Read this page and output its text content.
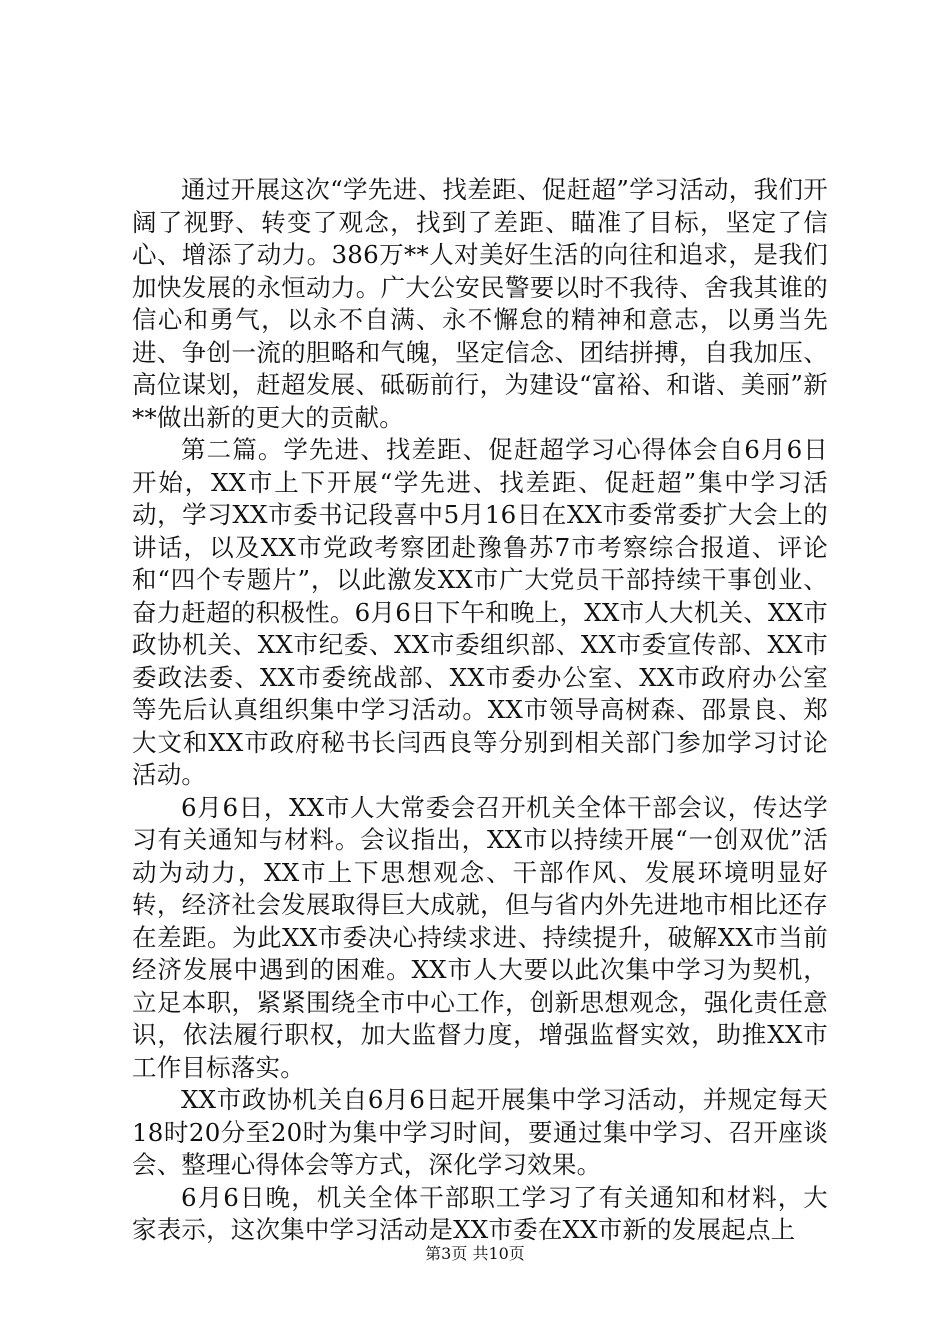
通过开展这次“学先进、找差距、促赶超”学习活动，我们开阔了视野、转变了观念，找到了差距、瞄准了目标，坚定了信心、增添了动力。386万**人对美好生活的向往和追求，是我们加快发展的永恒动力。广大公安民警要以时不我待、舍我其谁的信心和勇气，以永不自满、永不懈怠的精神和意志，以勇当先进、争创一流的胆略和气魄，坚定信念、团结拼搏，自我加压、高位谋划，赶超发展、砥砺前行，为建设“富裕、和谐、美丽”新**做出新的更大的贡献。

第二篇。学先进、找差距、促赶超学习心得体会自6月6日开始，XX市上下开展“学先进、找差距、促赶超”集中学习活动，学习XX市委书记段喜中5月16日在XX市委常委扩大会上的讲话，以及XX市党政考察团赴豫鲁苏7市考察综合报道、评论和“四个专题片”，以此激发XX市广大党员干部持续干事创业、奋力赶超的积极性。6月6日下午和晚上，XX市人大机关、XX市政协机关、XX市纪委、XX市委组织部、XX市委宣传部、XX市委政法委、XX市委统战部、XX市委办公室、XX市政府办公室等先后认真组织集中学习活动。XX市领导高树森、邵景良、郑大文和XX市政府秘书长闫西良等分别到相关部门参加学习讨论活动。

6月6日，XX市人大常委会召开机关全体干部会议，传达学习有关通知与材料。会议指出，XX市以持续开展“一创双优”活动为动力，XX市上下思想观念、干部作风、发展环境明显好转，经济社会发展取得巨大成就，但与省内外先进地市相比还存在差距。为此XX市委决心持续求进、持续提升，破解XX市当前经济发展中遇到的困难。XX市人大要以此次集中学习为契机，立足本职，紧紧围绕全市中心工作，创新思想观念，强化责任意识，依法履行职权，加大监督力度，增强监督实效，助推XX市工作目标落实。

XX市政协机关自6月6日起开展集中学习活动，并规定每天18时20分至20时为集中学习时间，要通过集中学习、召开座谈会、整理心得体会等方式，深化学习效果。

6月6日晚，机关全体干部职工学习了有关通知和材料，大家表示，这次集中学习活动是XX市委在XX市新的发展起点上

第3页 共10页
